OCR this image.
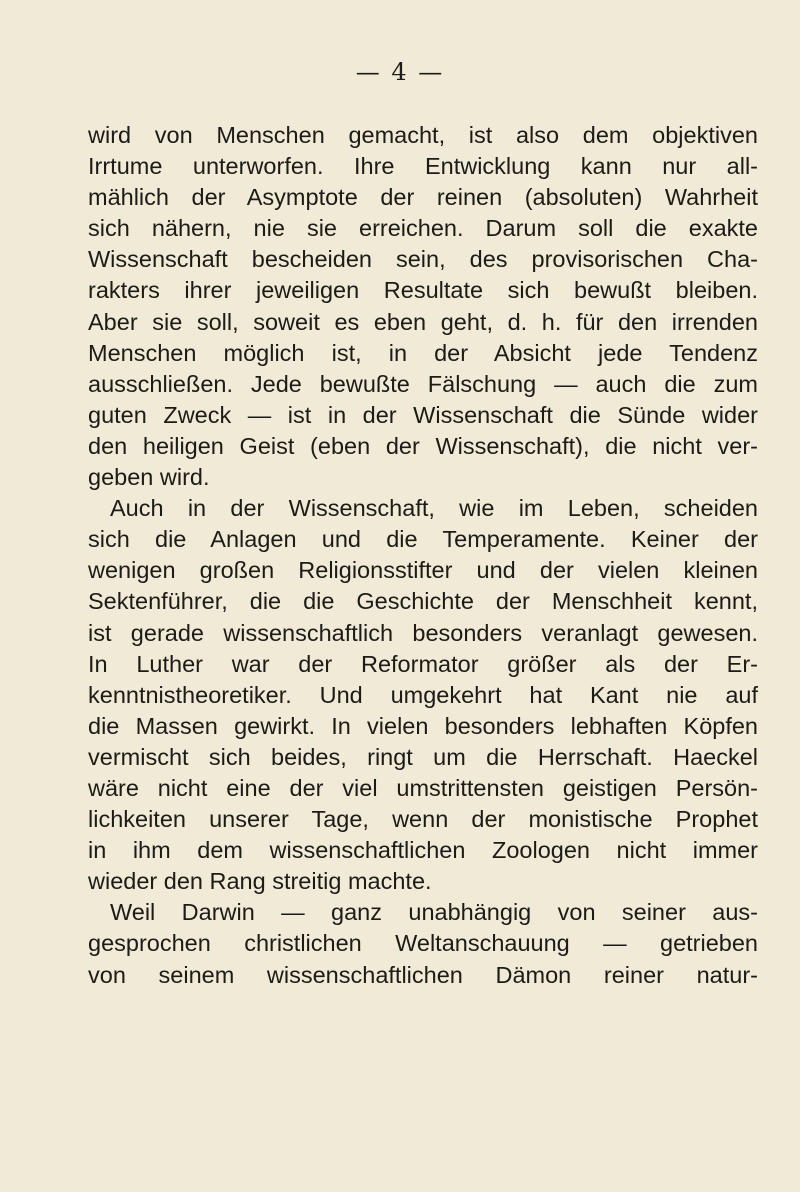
— 4 —
wird von Menschen gemacht, ist also dem objektiven
Irrtume unterworfen. Ihre Entwicklung kann nur all-
mählich der Asymptote der reinen (absoluten) Wahrheit
sich nähern, nie sie erreichen. Darum soll die exakte
Wissenschaft bescheiden sein, des provisorischen Cha-
rakters ihrer jeweiligen Resultate sich bewußt bleiben.
Aber sie soll, soweit es eben geht, d. h. für den irrenden
Menschen möglich ist, in der Absicht jede Tendenz
ausschließen. Jede bewußte Fälschung — auch die zum
guten Zweck — ist in der Wissenschaft die Sünde wider
den heiligen Geist (eben der Wissenschaft), die nicht ver-
geben wird.
Auch in der Wissenschaft, wie im Leben, scheiden
sich die Anlagen und die Temperamente. Keiner der
wenigen großen Religionsstifter und der vielen kleinen
Sektenführer, die die Geschichte der Menschheit kennt,
ist gerade wissenschaftlich besonders veranlagt gewesen.
In Luther war der Reformator größer als der Er-
kenntnistheoretiker. Und umgekehrt hat Kant nie auf
die Massen gewirkt. In vielen besonders lebhaften Köpfen
vermischt sich beides, ringt um die Herrschaft. Haeckel
wäre nicht eine der viel umstrittensten geistigen Persön-
lichkeiten unserer Tage, wenn der monistische Prophet
in ihm dem wissenschaftlichen Zoologen nicht immer
wieder den Rang streitig machte.
Weil Darwin — ganz unabhängig von seiner aus-
gesprochen christlichen Weltanschauung — getrieben
von seinem wissenschaftlichen Dämon reiner natur-
